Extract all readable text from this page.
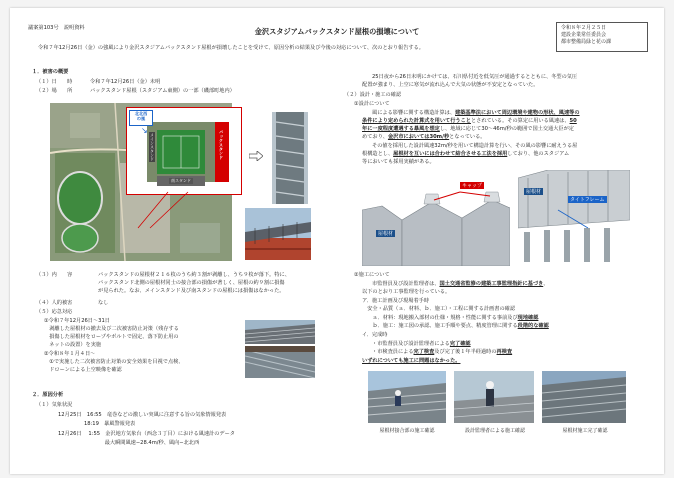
議案第103号　説明資料	令和８年２月２５日
建設企業常任委員会
都市整備局緑と花の課
金沢スタジアムバックスタンド屋根の損壊について
令和７年12月26日（金）の強風により金沢スタジアムバックスタンド屋根が損壊したことを受けて、原因分析の結果及び今後の対応について、次のとおり報告する。
１．被害の概要
（１）日　　時	令和７年12月26日（金）未明
（２）場　　所	バックスタンド屋根（スタジアム東側）の一部（磯部町地内）
北北西
の風
↘
メインスタンド	バックスタンド
南スタンド
（３）内　　容	バックスタンドの屋根材２１６枚のうち約３割が剥離し、うち９枚が落下。特に、
バックスタンド北側の屋根材同士の接合部の損傷が著しく、屋根の約９割に損傷
が見られた。なお、メインスタンド及び南スタンドの屋根には損傷はなかった。
（４）人的被害	なし
（５）応急対応
①令和７年12月26日～31日
　剥離した屋根材の撤去及び二次被害防止対策（残存する
　損傷した屋根材をロープやボルトで固定、落下防止用の
　ネットの設置）を実施
②令和８年１月４日～
　①で実施した二次被害防止対策の安全効果を目視で点検、
　ドローンによる上空映像を確認
２．原因分析
（１）気象状況
12月25日　16:55　竜巻などの激しい突風に注意する旨の気象情報発表
　　　　　18:19　暴風警報発表
12月26日　 1:55　金沢地方気象台（西念３丁目）における風速計のデータ
　　　　　　　　　最大瞬間風速−28.4m/秒、風向−北北西
25日夜から26日未明にかけては、石川県付近を低気圧が通過するとともに、冬型の気圧
配置が強まり、上空に寒気が流れ込んで大気の状態が不安定となっていた。
（２）設計・施工の確認
①設計について
風による影響に関する構造計算は、建築基準法において周辺環境や建物の形状、風速等の
条件により定められた計算式を用いて行うこととされている。その算定に用いる風速は、50
年に一度程度遭遇する暴風を想定し、地域に応じて30～46m/秒の範囲で国土交通大臣が定
めており、金沢市においては30m/秒となっている。
その値を採用した設計風速32m/秒を用いて構造計算を行い、その風の影響に耐えうる屋
根構造とし、屋根材を互いには合わせて結合させる工法を採用しており、他のスタジアム
等においても採用実績がある。
キャップ
屋根材
屋根材
タイトフレーム
②施工について
市監督員及び設計監理者は、国土交通省監修の建築工事監理指針に基づき、
以下のとおり工事監理を行っている。
ア．施工計画及び現場着手時
　安全・品質（ａ．材料、ｂ．施工）・工程に関する計画書の確認
　　ａ．材料：現地搬入部材の仕様・規格・性能に関する事前及び現地確認
　　ｂ．施工：施工図の承認、施工手順や要点、精度管理に関する段階的な確認
イ．完成時
・市監督員及び設計監理者による完了確認
・市検査員による完了検査及び完了後１年半経過時の再検査
いずれについても施工に問題はなかった。
屋根材接合部の施工確認	設計監理者による施工確認	屋根材施工完了確認
